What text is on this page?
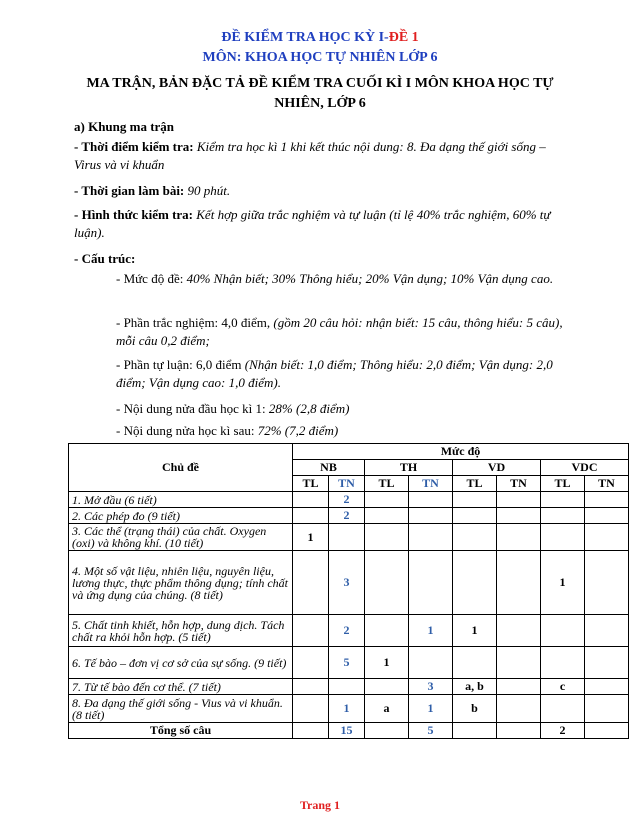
ĐỀ KIỂM TRA HỌC KỲ I-ĐỀ 1
MÔN: KHOA HỌC TỰ NHIÊN LỚP 6
MA TRẬN, BẢN ĐẶC TẢ ĐỀ KIỂM TRA CUỐI KÌ I MÔN KHOA HỌC TỰ
NHIÊN, LỚP 6
a) Khung ma trận
- Thời điểm kiểm tra: Kiểm tra học kì 1 khi kết thúc nội dung: 8. Đa dạng thế giới sống – Virus và vi khuẩn
- Thời gian làm bài: 90 phút.
- Hình thức kiểm tra: Kết hợp giữa trắc nghiệm và tự luận (tỉ lệ 40% trắc nghiệm, 60% tự luận).
- Cấu trúc:
- Mức độ đề: 40% Nhận biết; 30% Thông hiểu; 20% Vận dụng; 10% Vận dụng cao.
- Phần trắc nghiệm: 4,0 điểm, (gồm 20 câu hỏi: nhận biết: 15 câu, thông hiểu: 5 câu), mỗi câu 0,2 điểm;
- Phần tự luận: 6,0 điểm (Nhận biết: 1,0 điểm; Thông hiểu: 2,0 điểm; Vận dụng: 2,0 điểm; Vận dụng cao: 1,0 điểm).
- Nội dung nửa đầu học kì 1: 28% (2,8 điểm)
- Nội dung nửa học kì sau: 72% (7,2 điểm)
Chủ đề	Mức độ							
	NB		TH		VD		VDC	
	TL	TN	TL	TN	TL	TN	TL	TN
1. Mở đầu (6 tiết)		2						
2. Các phép đo (9 tiết)		2						
3. Các thể (trạng thái) của chất. Oxygen (oxi) và không khí. (10 tiết)	1							
4. Một số vật liệu, nhiên liệu, nguyên liệu, lương thực, thực phẩm thông dụng; tính chất và ứng dụng của chúng. (8 tiết)		3					1	
5. Chất tinh khiết, hỗn hợp, dung dịch. Tách chất ra khỏi hỗn hợp. (5 tiết)		2		1	1			
6. Tế bào – đơn vị cơ sở của sự sống. (9 tiết)		5	1					
7. Từ tế bào đến cơ thể. (7 tiết)				3	a, b		c	
8. Đa dạng thế giới sống - Vius và vi khuẩn. (8 tiết)		1	a	1	b			
Tổng số câu		15		5			2	
Trang 1
